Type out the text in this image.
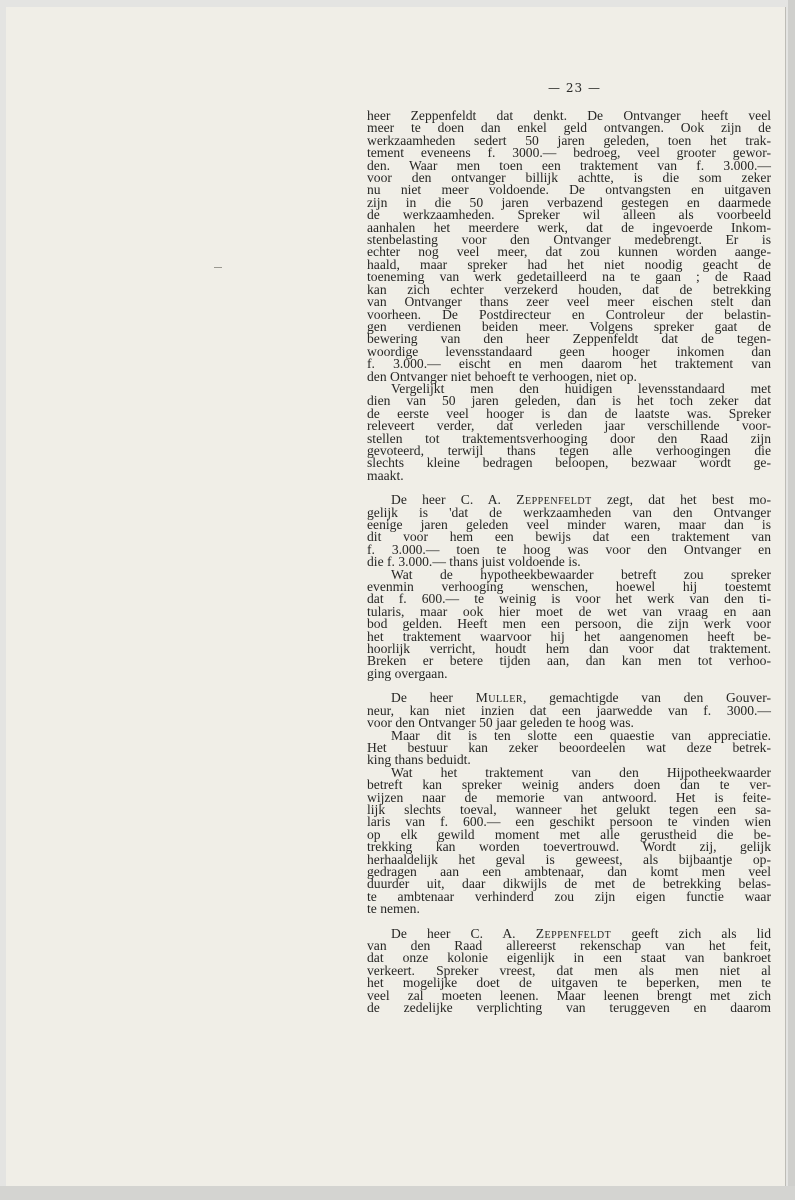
— 23 —
heer Zeppenfeldt dat denkt. De Ontvanger heeft veel
meer te doen dan enkel geld ontvangen. Ook zijn de
werkzaamheden sedert 50 jaren geleden, toen het trak-
tement eveneens f. 3000.— bedroeg, veel grooter gewor-
den. Waar men toen een traktement van f. 3.000.—
voor den ontvanger billijk achtte, is die som zeker
nu niet meer voldoende. De ontvangsten en uitgaven
zijn in die 50 jaren verbazend gestegen en daarmede
de werkzaamheden. Spreker wil alleen als voorbeeld
aanhalen het meerdere werk, dat de ingevoerde Inkom-
stenbelasting voor den Ontvanger medebrengt. Er is
echter nog veel meer, dat zou kunnen worden aange-
haald, maar spreker had het niet noodig geacht de
toeneming van werk gedetailleerd na te gaan ; de Raad
kan zich echter verzekerd houden, dat de betrekking
van Ontvanger thans zeer veel meer eischen stelt dan
voorheen. De Postdirecteur en Controleur der belastin-
gen verdienen beiden meer. Volgens spreker gaat de
bewering van den heer Zeppenfeldt dat de tegen-
woordige levensstandaard geen hooger inkomen dan
f. 3.000.— eischt en men daarom het traktement van
den Ontvanger niet behoeft te verhoogen, niet op.
Vergelijkt men den huidigen levensstandaard met
dien van 50 jaren geleden, dan is het toch zeker dat
de eerste veel hooger is dan de laatste was. Spreker
releveert verder, dat verleden jaar verschillende voor-
stellen tot traktementsverhooging door den Raad zijn
gevoteerd, terwijl thans tegen alle verhoogingen die
slechts kleine bedragen beloopen, bezwaar wordt ge-
maakt.
De heer C. A. Zeppenfeldt zegt, dat het best mo-
gelijk is 'dat de werkzaamheden van den Ontvanger
eenige jaren geleden veel minder waren, maar dan is
dit voor hem een bewijs dat een traktement van
f. 3.000.— toen te hoog was voor den Ontvanger en
die f. 3.000.— thans juist voldoende is.
Wat de hypotheekbewaarder betreft zou spreker
evenmin verhooging wenschen, hoewel hij toestemt
dat f. 600.— te weinig is voor het werk van den ti-
tularis, maar ook hier moet de wet van vraag en aan
bod gelden. Heeft men een persoon, die zijn werk voor
het traktement waarvoor hij het aangenomen heeft be-
hoorlijk verricht, houdt hem dan voor dat traktement.
Breken er betere tijden aan, dan kan men tot verhoo-
ging overgaan.
De heer Muller, gemachtigde van den Gouver-
neur, kan niet inzien dat een jaarwedde van f. 3000.—
voor den Ontvanger 50 jaar geleden te hoog was.
Maar dit is ten slotte een quaestie van appreciatie.
Het bestuur kan zeker beoordeelen wat deze betrek-
king thans beduidt.
Wat het traktement van den Hijpotheekwaarder
betreft kan spreker weinig anders doen dan te ver-
wijzen naar de memorie van antwoord. Het is feite-
lijk slechts toeval, wanneer het gelukt tegen een sa-
laris van f. 600.— een geschikt persoon te vinden wien
op elk gewild moment met alle gerustheid die be-
trekking kan worden toevertrouwd. Wordt zij, gelijk
herhaaldelijk het geval is geweest, als bijbaantje op-
gedragen aan een ambtenaar, dan komt men veel
duurder uit, daar dikwijls de met de betrekking belas-
te ambtenaar verhinderd zou zijn eigen functie waar
te nemen.
De heer C. A. Zeppenfeldt geeft zich als lid
van den Raad allereerst rekenschap van het feit,
dat onze kolonie eigenlijk in een staat van bankroet
verkeert. Spreker vreest, dat men als men niet al
het mogelijke doet de uitgaven te beperken, men te
veel zal moeten leenen. Maar leenen brengt met zich
de zedelijke verplichting van teruggeven en daarom
